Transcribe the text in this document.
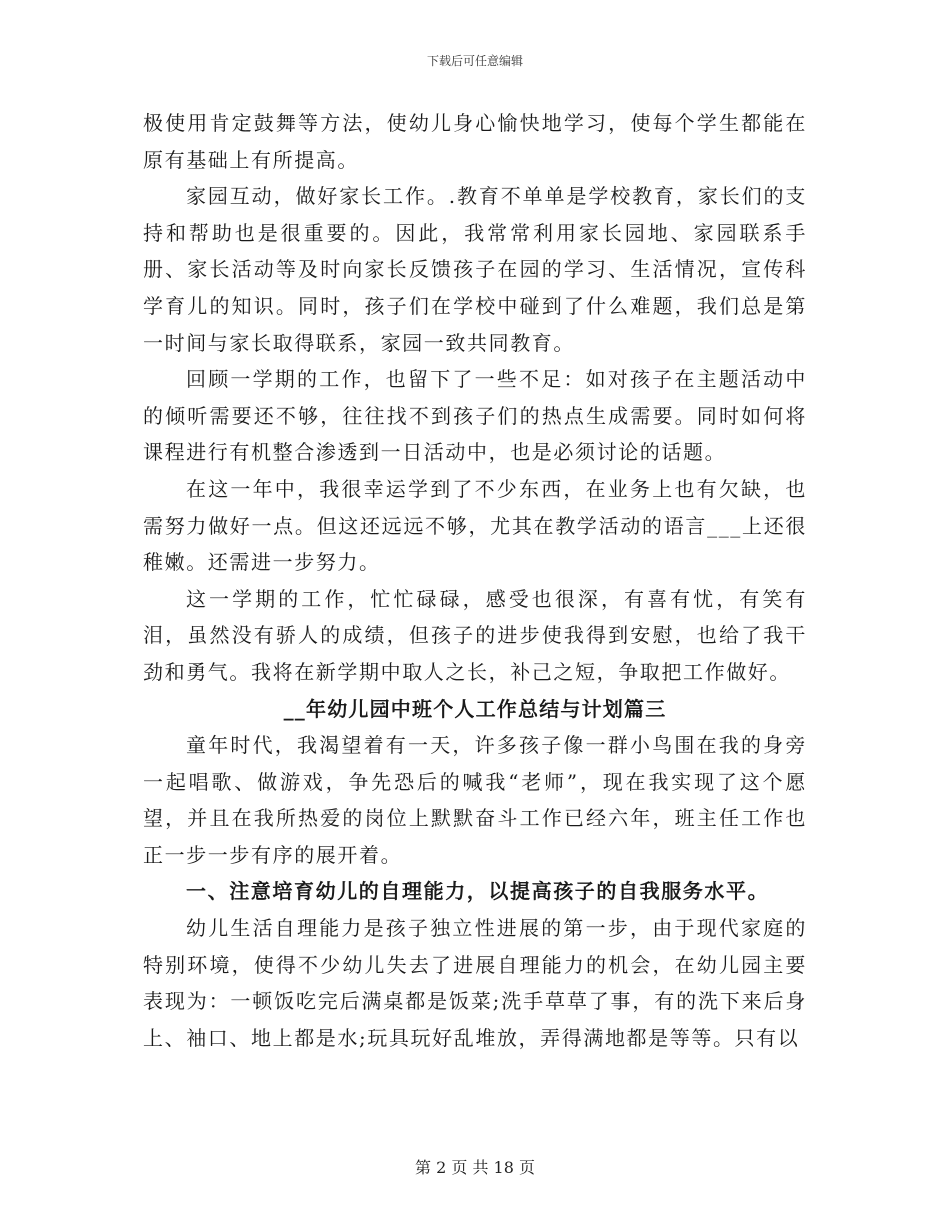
下载后可任意编辑

极使用肯定鼓舞等方法，使幼儿身心愉快地学习，使每个学生都能在原有基础上有所提高。

家园互动，做好家长工作。.教育不单单是学校教育，家长们的支持和帮助也是很重要的。因此，我常常利用家长园地、家园联系手册、家长活动等及时向家长反馈孩子在园的学习、生活情况，宣传科学育儿的知识。同时，孩子们在学校中碰到了什么难题，我们总是第一时间与家长取得联系，家园一致共同教育。

回顾一学期的工作，也留下了一些不足：如对孩子在主题活动中的倾听需要还不够，往往找不到孩子们的热点生成需要。同时如何将课程进行有机整合渗透到一日活动中，也是必须讨论的话题。

在这一年中，我很幸运学到了不少东西，在业务上也有欠缺，也需努力做好一点。但这还远远不够，尤其在教学活动的语言___上还很稚嫩。还需进一步努力。

这一学期的工作，忙忙碌碌，感受也很深，有喜有忧，有笑有泪，虽然没有骄人的成绩，但孩子的进步使我得到安慰，也给了我干劲和勇气。我将在新学期中取人之长，补己之短，争取把工作做好。

__年幼儿园中班个人工作总结与计划篇三

童年时代，我渴望着有一天，许多孩子像一群小鸟围在我的身旁一起唱歌、做游戏，争先恐后的喊我“老师”，现在我实现了这个愿望，并且在我所热爱的岗位上默默奋斗工作已经六年，班主任工作也正一步一步有序的展开着。

一、注意培育幼儿的自理能力，以提高孩子的自我服务水平。

幼儿生活自理能力是孩子独立性进展的第一步，由于现代家庭的特别环境，使得不少幼儿失去了进展自理能力的机会，在幼儿园主要表现为：一顿饭吃完后满桌都是饭菜;洗手草草了事，有的洗下来后身上、袖口、地上都是水;玩具玩好乱堆放，弄得满地都是等等。只有以

第 2 页 共 18 页
